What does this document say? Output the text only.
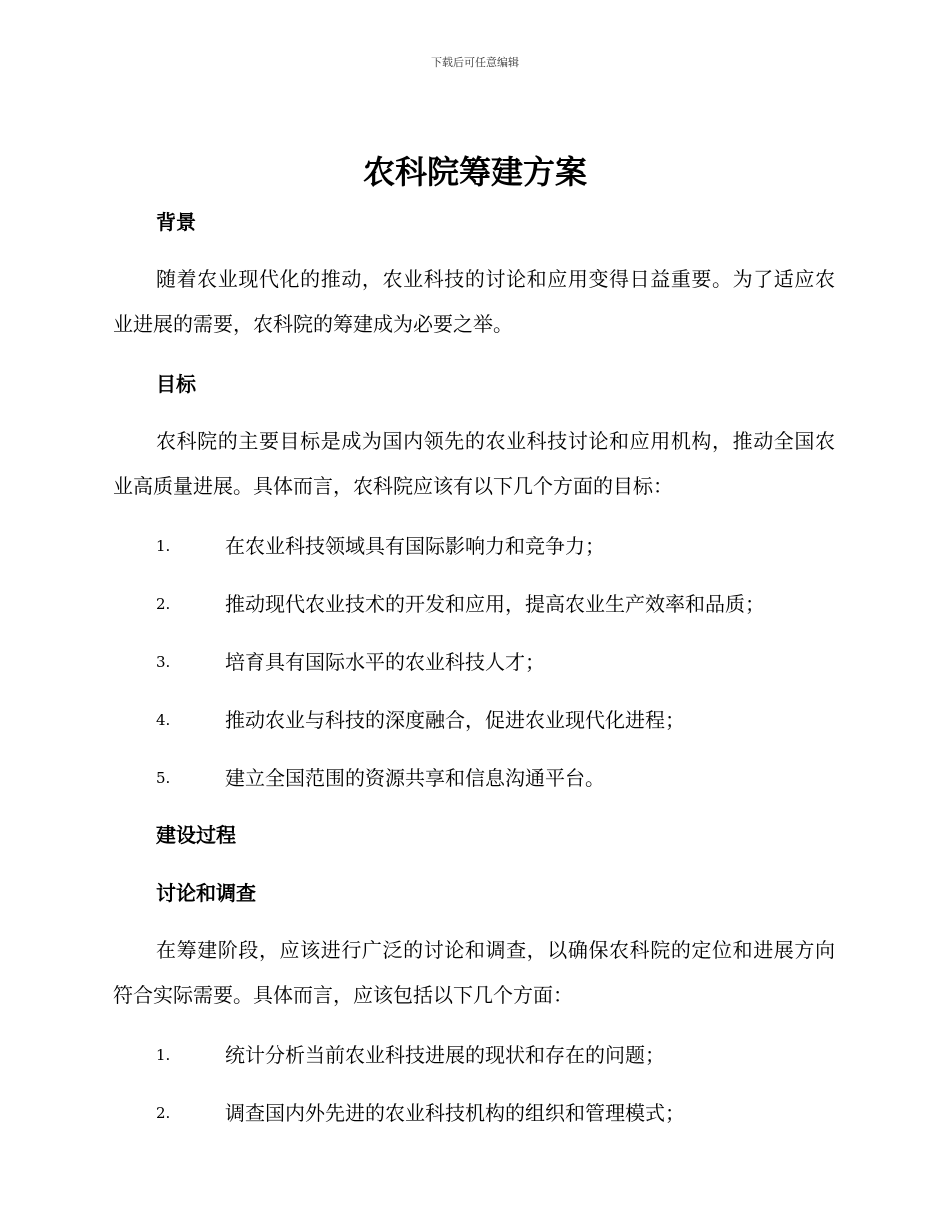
下载后可任意编辑
农科院筹建方案
背景
随着农业现代化的推动，农业科技的讨论和应用变得日益重要。为了适应农业进展的需要，农科院的筹建成为必要之举。
目标
农科院的主要目标是成为国内领先的农业科技讨论和应用机构，推动全国农业高质量进展。具体而言，农科院应该有以下几个方面的目标：
1.	在农业科技领域具有国际影响力和竞争力；
2.	推动现代农业技术的开发和应用，提高农业生产效率和品质；
3.	培育具有国际水平的农业科技人才；
4.	推动农业与科技的深度融合，促进农业现代化进程；
5.	建立全国范围的资源共享和信息沟通平台。
建设过程
讨论和调查
在筹建阶段，应该进行广泛的讨论和调查，以确保农科院的定位和进展方向符合实际需要。具体而言，应该包括以下几个方面：
1.	统计分析当前农业科技进展的现状和存在的问题；
2.	调查国内外先进的农业科技机构的组织和管理模式；
